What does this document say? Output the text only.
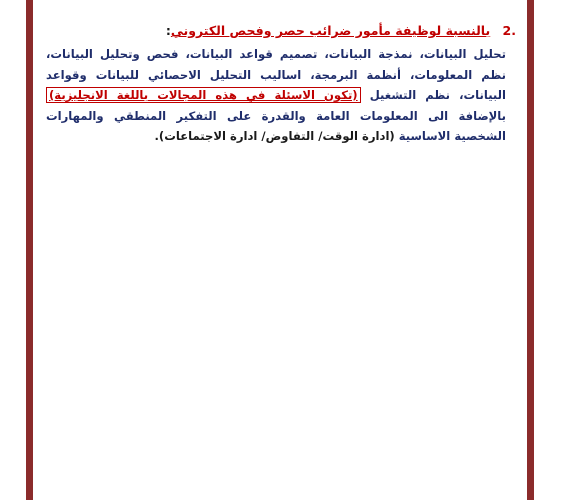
.2 بالنسبة لوظيفة مأمور ضرائب حصر وفحص الكتروني:
تحليل البيانات، نمذجة البيانات، تصميم قواعد البيانات، فحص وتحليل البيانات، نظم المعلومات، أنظمة البرمجة، اساليب التحلیل الاحصائي للبيانات وقواعد البيانات، نظم التشغيل (تكون الاسئلة في هذه المجالات باللغة الانجليزية) بالإضافة الى المعلومات العامة والقدرة على التفكير المنطقي والمهارات الشخصية الاساسية (ادارة الوقت/ التفاوض/ ادارة الاجتماعات).
